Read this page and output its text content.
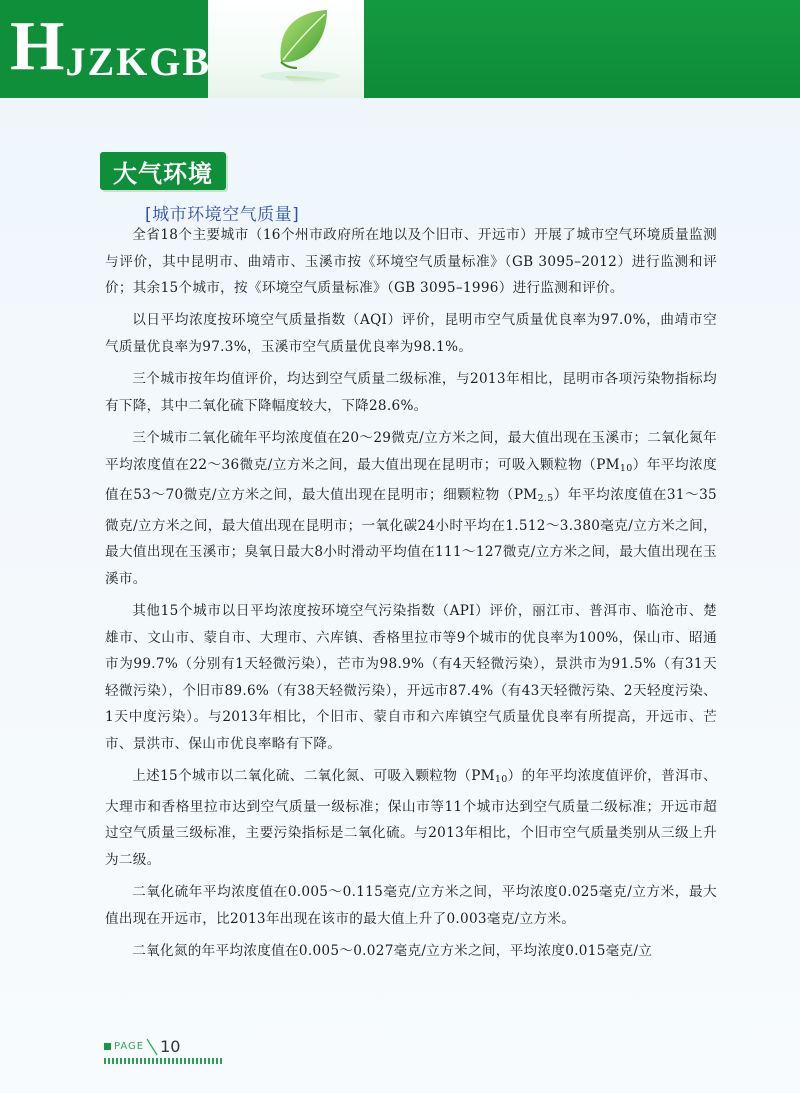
HJZKGB
大气环境
[城市环境空气质量]

全省18个主要城市（16个州市政府所在地以及个旧市、开远市）开展了城市空气环境质量监测与评价，其中昆明市、曲靖市、玉溪市按《环境空气质量标准》（GB 3095–2012）进行监测和评价；其余15个城市，按《环境空气质量标准》（GB 3095–1996）进行监测和评价。

以日平均浓度按环境空气质量指数（AQI）评价，昆明市空气质量优良率为97.0%，曲靖市空气质量优良率为97.3%，玉溪市空气质量优良率为98.1%。

三个城市按年均值评价，均达到空气质量二级标准，与2013年相比，昆明市各项污染物指标均有下降，其中二氧化硫下降幅度较大，下降28.6%。

三个城市二氧化硫年平均浓度值在20～29微克/立方米之间，最大值出现在玉溪市；二氧化氮年平均浓度值在22～36微克/立方米之间，最大值出现在昆明市；可吸入颗粒物$(PM_{10})$年平均浓度值在53～70微克/立方米之间，最大值出现在昆明市；细颗粒物$(PM_{2.5})$年平均浓度值在31～35微克/立方米之间，最大值出现在昆明市；一氧化碳24小时平均在1.512～3.380毫克/立方米之间，最大值出现在玉溪市；臭氧日最大8小时滑动平均值在111～127微克/立方米之间，最大值出现在玉溪市。

其他15个城市以日平均浓度按环境空气污染指数（API）评价，丽江市、普洱市、临沧市、楚雄市、文山市、蒙自市、大理市、六库镇、香格里拉市等9个城市的优良率为100%，保山市、昭通市为99.7%（分别有1天轻微污染），芒市为98.9%（有4天轻微污染），景洪市为91.5%（有31天轻微污染），个旧市89.6%（有38天轻微污染），开远市87.4%（有43天轻微污染、2天轻度污染、1天中度污染）。与2013年相比，个旧市、蒙自市和六库镇空气质量优良率有所提高，开远市、芒市、景洪市、保山市优良率略有下降。

上述15个城市以二氧化硫、二氧化氮、可吸入颗粒物$(PM_{10})$的年平均浓度值评价，普洱市、大理市和香格里拉市达到空气质量一级标准；保山市等11个城市达到空气质量二级标准；开远市超过空气质量三级标准，主要污染指标是二氧化硫。与2013年相比，个旧市空气质量类别从三级上升为二级。

二氧化硫年平均浓度值在0.005～0.115毫克/立方米之间，平均浓度0.025毫克/立方米，最大值出现在开远市，比2013年出现在该市的最大值上升了0.003毫克/立方米。

二氧化氮的年平均浓度值在0.005～0.027毫克/立方米之间，平均浓度0.015毫克/立

PAGE 10
